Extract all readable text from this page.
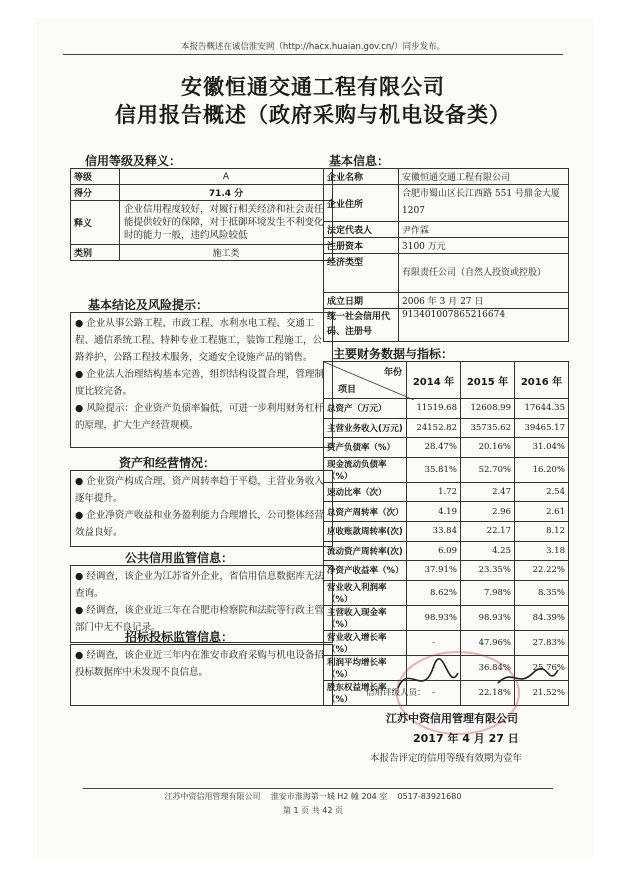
本报告概述在诚信淮安网（http://hacx.huaian.gov.cn/）同步发布。
安徽恒通交通工程有限公司
信用报告概述（政府采购与机电设备类）
信用等级及释义：
等级	A
得分	71.4 分
释义	企业信用程度较好，对履行相关经济和社会责任能提供较好的保障，对于抵御环境发生不利变化时的能力一般，违约风险较低
类别	施工类
基本信息：
企业名称	安徽恒通交通工程有限公司
企业住所	合肥市蜀山区长江西路 551 号鼎金大厦 1207
法定代表人	尹作霖
注册资本	3100 万元
经济类型	有限责任公司（自然人投资或控股）
成立日期	2006 年 3 月 27 日
统一社会信用代码、注册号	913401007865216674
基本结论及风险提示：

● 企业从事公路工程、市政工程、水利水电工程、交通工程、通信系统工程、特种专业工程施工，装饰工程施工，公路养护，公路工程技术服务，交通安全设施产品的销售。

● 企业法人治理结构基本完善，组织结构设置合理，管理制度比较完备。

● 风险提示：企业资产负债率偏低，可进一步利用财务杠杆的原理，扩大生产经营规模。

资产和经营情况：

● 企业资产构成合理，资产周转率趋于平稳，主营业务收入逐年提升。

● 企业净资产收益和业务盈利能力合理增长，公司整体经营效益良好。

公共信用监管信息：

● 经调查，该企业为江苏省外企业，省信用信息数据库无法查询。

● 经调查，该企业近三年在合肥市检察院和法院等行政主管部门中无不良记录。

招标投标监管信息：

● 经调查，该企业近三年内在淮安市政府采购与机电设备招投标数据库中未发现不良信息。

主要财务数据与指标：
年份
项目	2014 年	2015 年	2016 年
总资产（万元）	11519.68	12608.99	17644.35
主营业务收入(万元)	24152.82	35735.62	39465.17
资产负债率（%）	28.47%	20.16%	31.04%
现金流动负债率（%）	35.81%	52.70%	16.20%
速动比率（次）	1.72	2.47	2.54
总资产周转率（次）	4.19	2.96	2.61
应收账款周转率(次)	33.84	22.17	8.12
流动资产周转率(次)	6.09	4.25	3.18
净资产收益率（%）	37.91%	23.35%	22.22%
营业收入利润率（%）	8.62%	7.98%	8.35%
主营收入现金率（%）	98.93%	98.93%	84.39%
营业收入增长率（%）	-	47.96%	27.83%
利润平均增长率（%）	-	36.84%	25.76%
股东权益增长率（%）	-	22.18%	21.52%
信用评级人员：
江苏中资信用管理有限公司
2017 年 4 月 27 日
本报告评定的信用等级有效期为壹年
江苏中资信用管理有限公司 淮安市淮海第一城 H2 幢 204 室 0517-83921680
第 1 页 共 42 页
